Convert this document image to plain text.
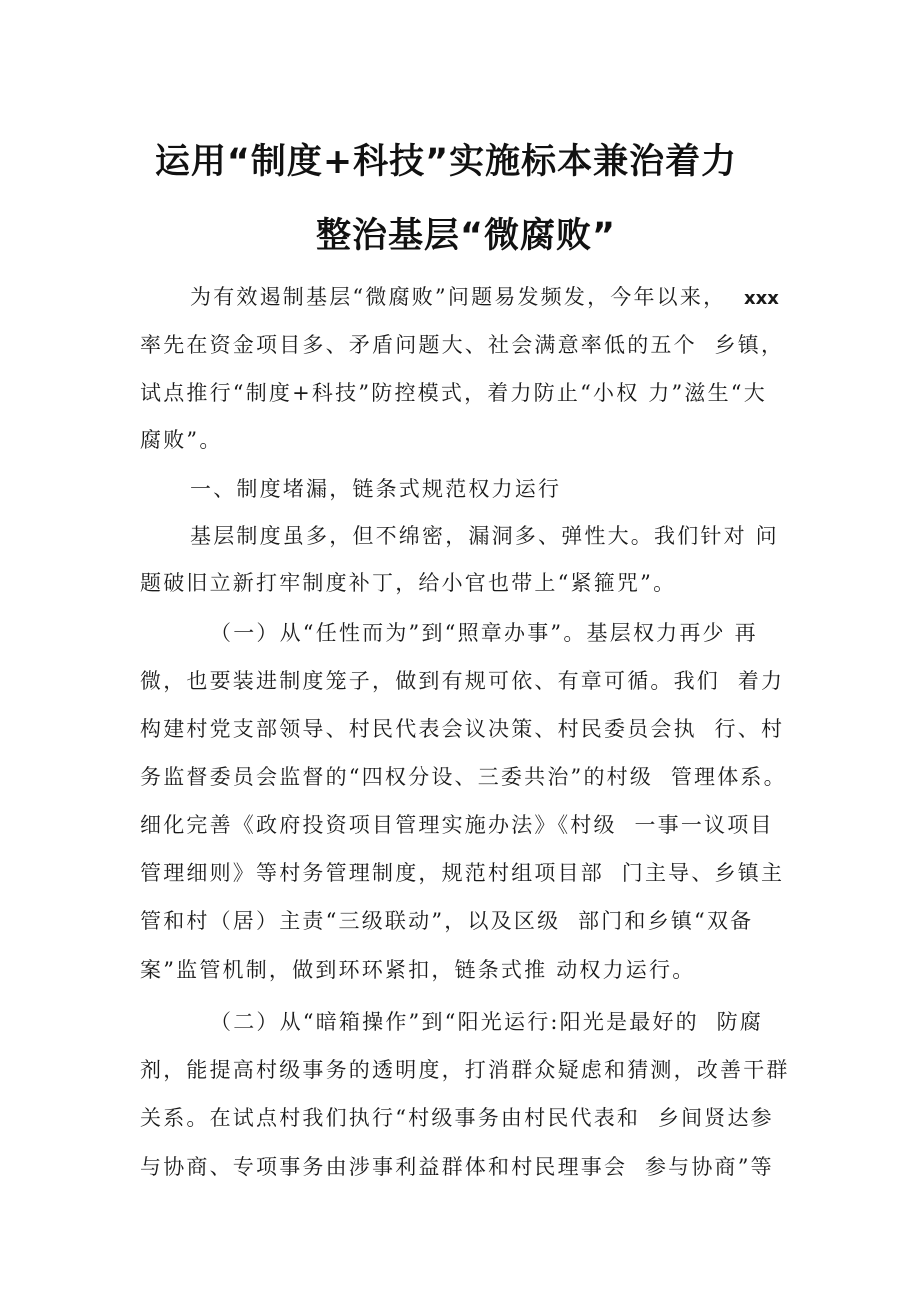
运用“制度+科技”实施标本兼治着力
整治基层“微腐败”
为有效遏制基层“微腐败”问题易发频发，今年以来，  xxx
率先在资金项目多、矛盾问题大、社会满意率低的五个  乡镇，
试点推行“制度+科技”防控模式，着力防止“小权 力”滋生“大
腐败”。
一、制度堵漏，链条式规范权力运行
基层制度虽多，但不绵密，漏洞多、弹性大。我们针对 问
题破旧立新打牢制度补丁，给小官也带上“紧箍咒”。
（一）从“任性而为”到“照章办事”。基层权力再少 再
微，也要装进制度笼子，做到有规可依、有章可循。我们  着力
构建村党支部领导、村民代表会议决策、村民委员会执  行、村
务监督委员会监督的“四权分设、三委共治”的村级  管理体系。
细化完善《政府投资项目管理实施办法》《村级  一事一议项目
管理细则》等村务管理制度，规范村组项目部  门主导、乡镇主
管和村（居）主责“三级联动”，以及区级  部门和乡镇“双备
案”监管机制，做到环环紧扣，链条式推 动权力运行。
（二）从“暗箱操作”到“阳光运行:阳光是最好的  防腐
剂，能提高村级事务的透明度，打消群众疑虑和猜测，改善干群
关系。在试点村我们执行“村级事务由村民代表和  乡间贤达参
与协商、专项事务由涉事利益群体和村民理事会  参与协商”等
